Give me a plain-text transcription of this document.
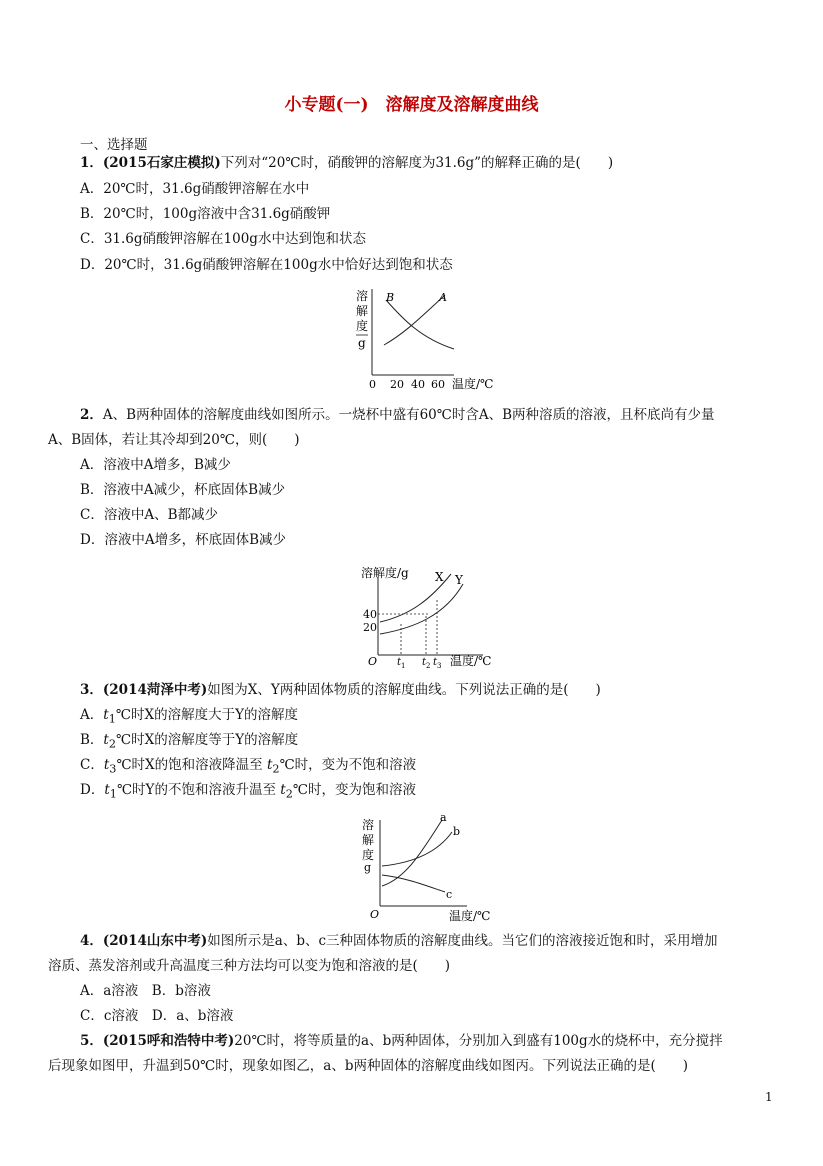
小专题(一)　溶解度及溶解度曲线
一、选择题
1．(2015石家庄模拟)下列对“20℃时，硝酸钾的溶解度为31.6g”的解释正确的是(　　)
A．20℃时，31.6g硝酸钾溶解在水中
B．20℃时，100g溶液中含31.6g硝酸钾
C．31.6g硝酸钾溶解在100g水中达到饱和状态
D．20℃时，31.6g硝酸钾溶解在100g水中恰好达到饱和状态
溶
解
度
g
A
B
0 20 40 60 温度/℃
2．A、B两种固体的溶解度曲线如图所示。一烧杯中盛有60℃时含A、B两种溶质的溶液，且杯底尚有少量
A、B固体，若让其冷却到20℃，则(　　)
A．溶液中A增多，B减少
B．溶液中A减少，杯底固体B减少
C．溶液中A、B都减少
D．溶液中A增多，杯底固体B减少
溶解度/g X Y
40
20
O t 1 t 2 t 3 温度/℃
3．(2014菏泽中考)如图为X、Y两种固体物质的溶解度曲线。下列说法正确的是(　　)
A．$t_1℃$时X的溶解度大于Y的溶解度
B．$t_2℃$时X的溶解度等于Y的溶解度
C．$t_3℃$时X的饱和溶液降温至 $t_2℃$时，变为不饱和溶液
D．$t_1℃$时Y的不饱和溶液升温至 $t_2℃$时，变为饱和溶液
溶
解
度
g
a
b
c
O	温度/℃
4．(2014山东中考)如图所示是a、b、c三种固体物质的溶解度曲线。当它们的溶液接近饱和时，采用增加
溶质、蒸发溶剂或升高温度三种方法均可以变为饱和溶液的是(　　)
A．a溶液　B．b溶液
C．c溶液　D．a、b溶液
5．(2015呼和浩特中考)20℃时，将等质量的a、b两种固体，分别加入到盛有100g水的烧杯中，充分搅拌
后现象如图甲，升温到50℃时，现象如图乙，a、b两种固体的溶解度曲线如图丙。下列说法正确的是(　　)
1
